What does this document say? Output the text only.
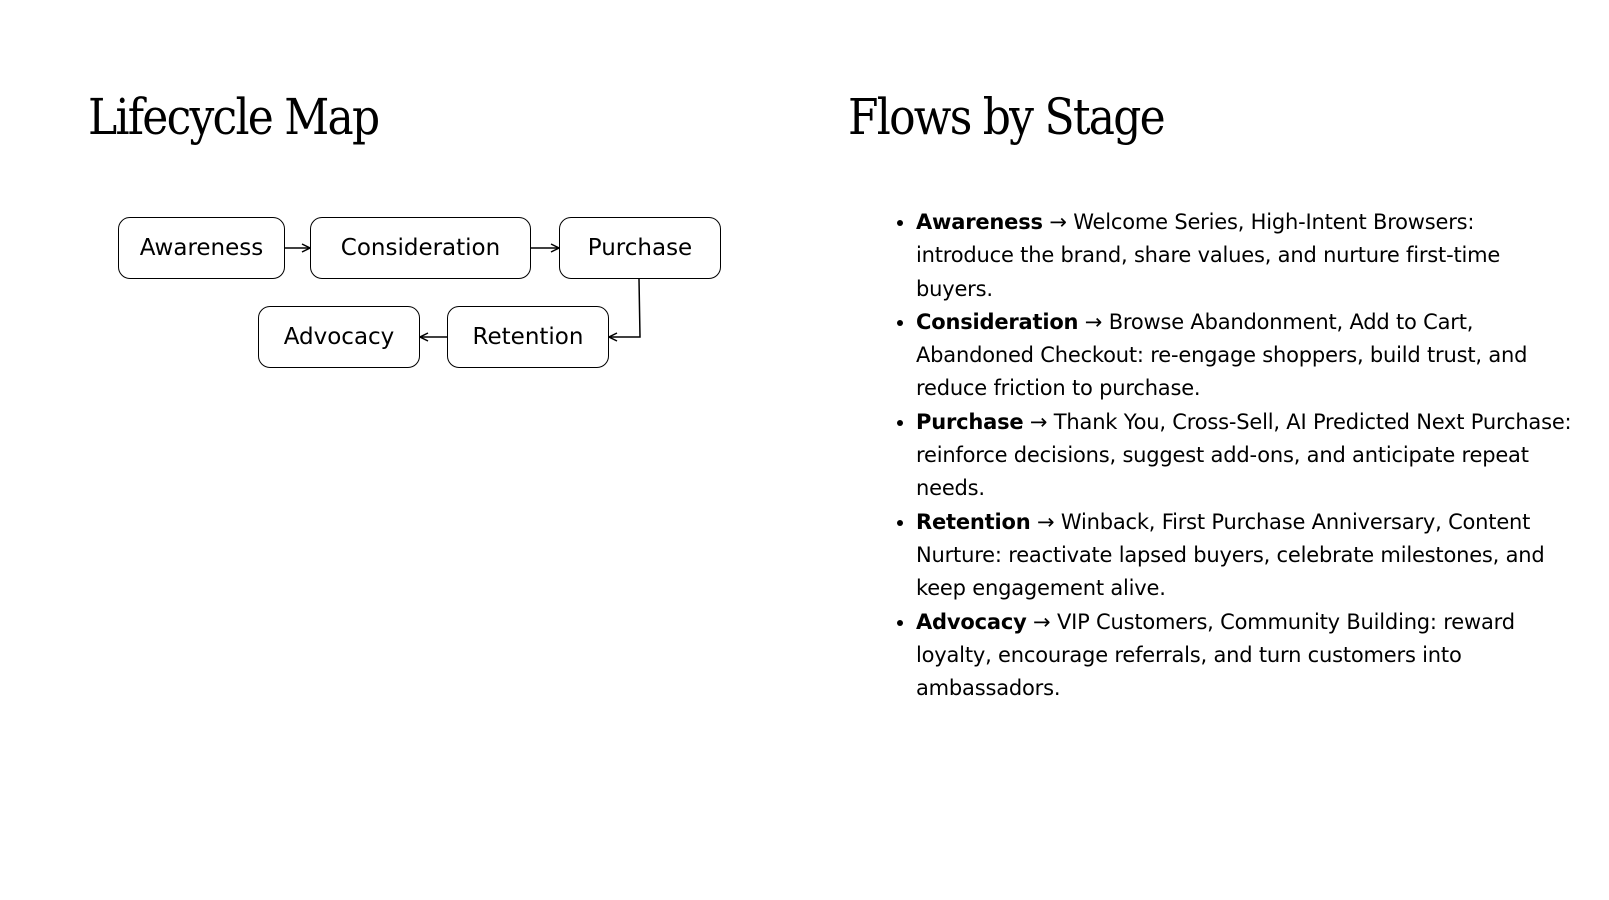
Lifecycle Map	Flows by Stage
Awareness	Consideration	Purchase
Advocacy	Retention
• Awareness → Welcome Series, High-Intent Browsers: introduce the brand, share values, and nurture first-time buyers.
• Consideration → Browse Abandonment, Add to Cart, Abandoned Checkout: re-engage shoppers, build trust, and reduce friction to purchase.
• Purchase → Thank You, Cross-Sell, AI Predicted Next Purchase: reinforce decisions, suggest add-ons, and anticipate repeat needs.
• Retention → Winback, First Purchase Anniversary, Content Nurture: reactivate lapsed buyers, celebrate milestones, and keep engagement alive.
• Advocacy → VIP Customers, Community Building: reward loyalty, encourage referrals, and turn customers into ambassadors.
